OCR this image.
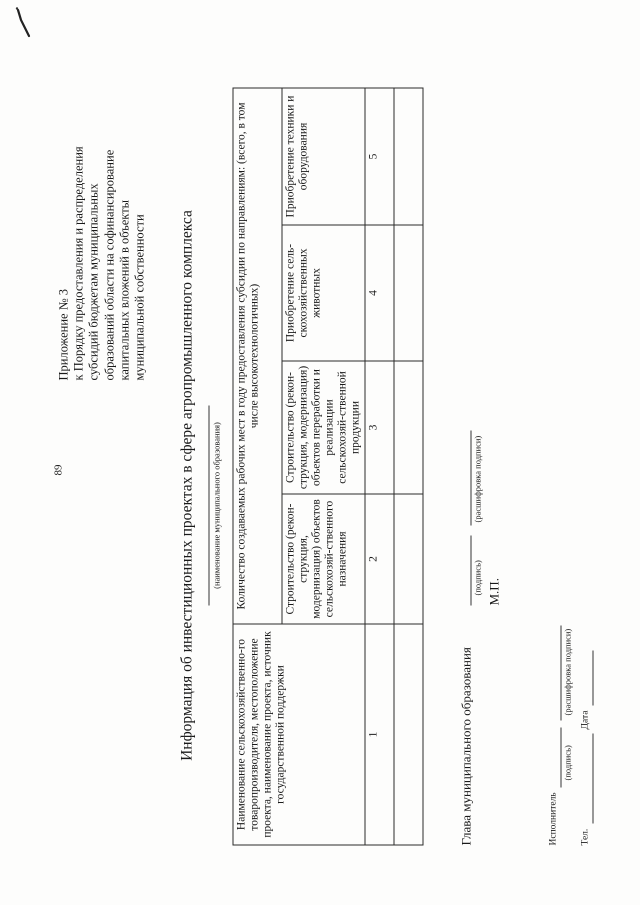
89
Приложение № 3 к Порядку предоставления и распределения субсидий бюджетам муниципальных образований области на софинансирование капитальных вложений в объекты муниципальной собственности Информация об инвестиционных проектах в сфере агропромышленного комплекса (наименование муниципального образования)
Наименование сельскохозяйственно-го товаропроизводителя, местоположение проекта, наименование проекта, источник государственной поддержки	Количество создаваемых рабочих мест в году предоставления субсидии по направлениям: (всего, в том числе высокотехнологичных)			
	Строительство (рекон-струкция, модернизация) объектов сельскохозяй-ственного назначения	Строительство (рекон-струкция, модернизация) объектов переработки и реализации сельскохозяй-ственной продукции	Приобретение сель-скохозяйственных животных	Приобретение техники и оборудования
1	2	3	4	5

Глава муниципального образования
(подпись)
(расшифровка подписи)
М.П.
Исполнитель
(подпись)
(расшифровка подписи)
Тел.
Дата
